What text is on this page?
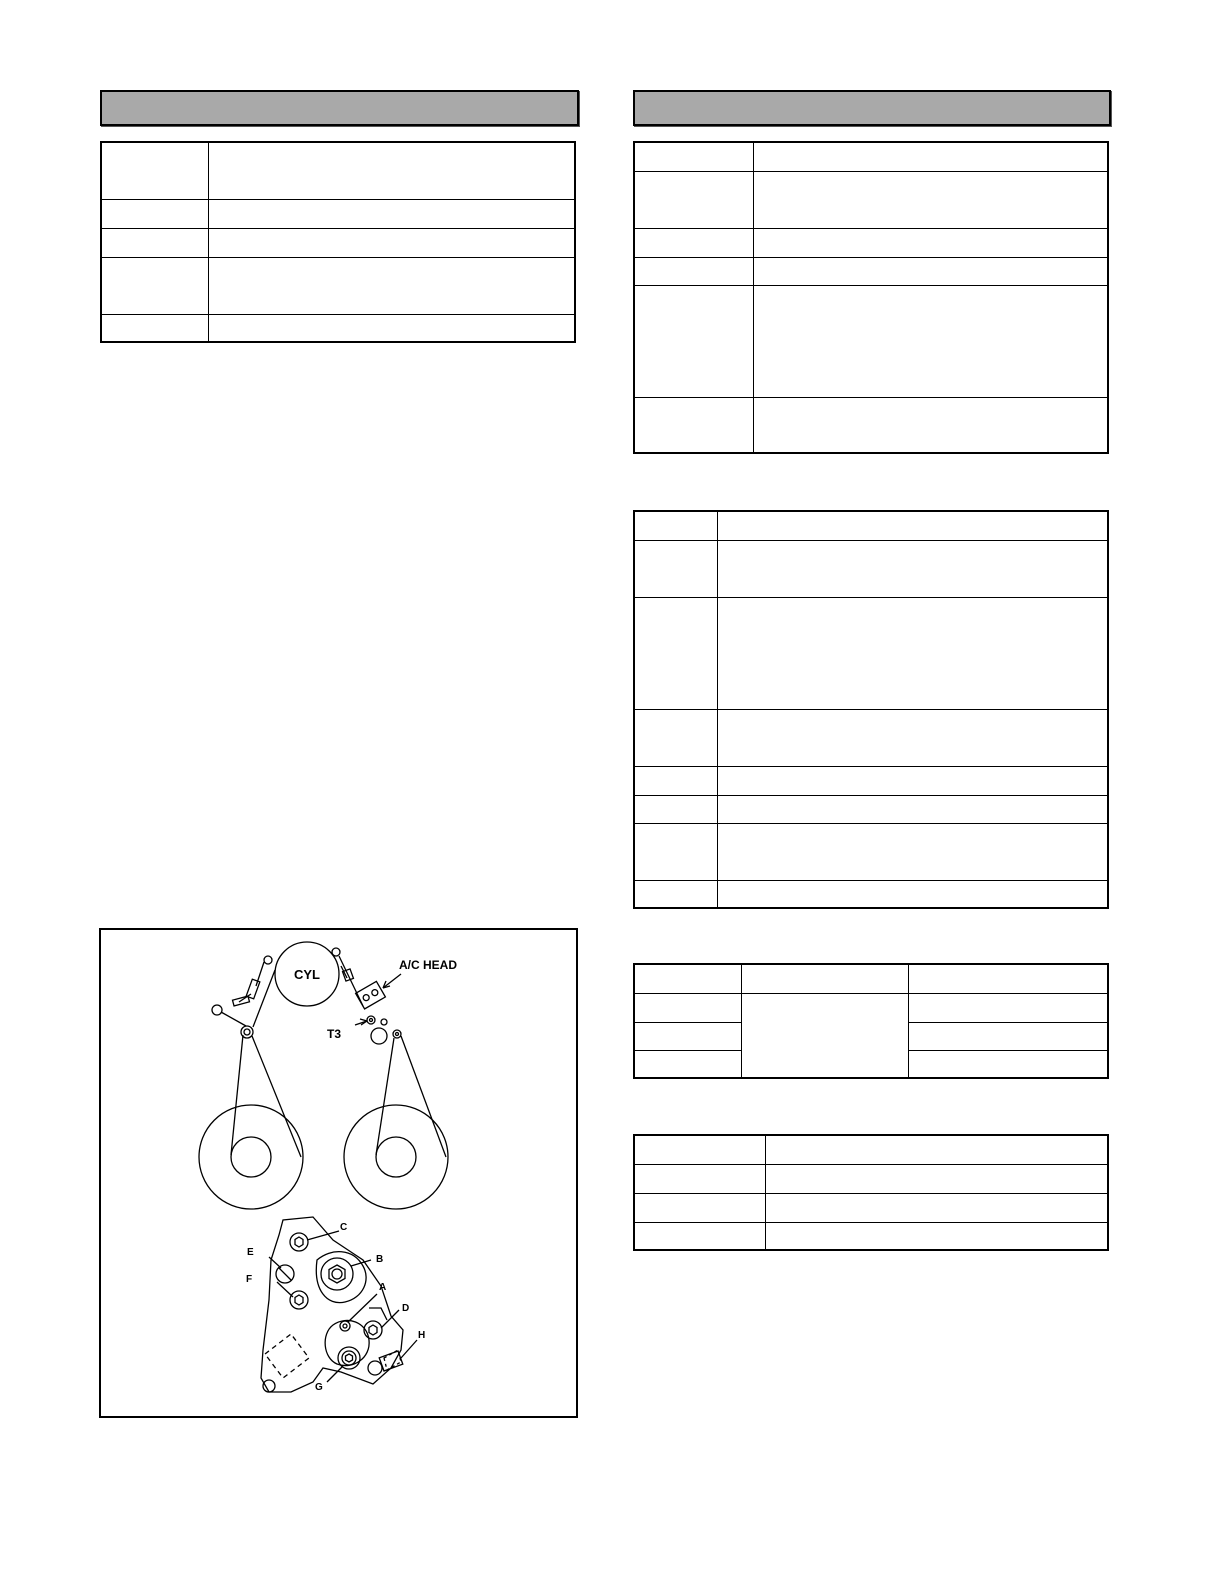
CYL
A/C HEAD
T3
C
B
E
F
A
D
H
G
